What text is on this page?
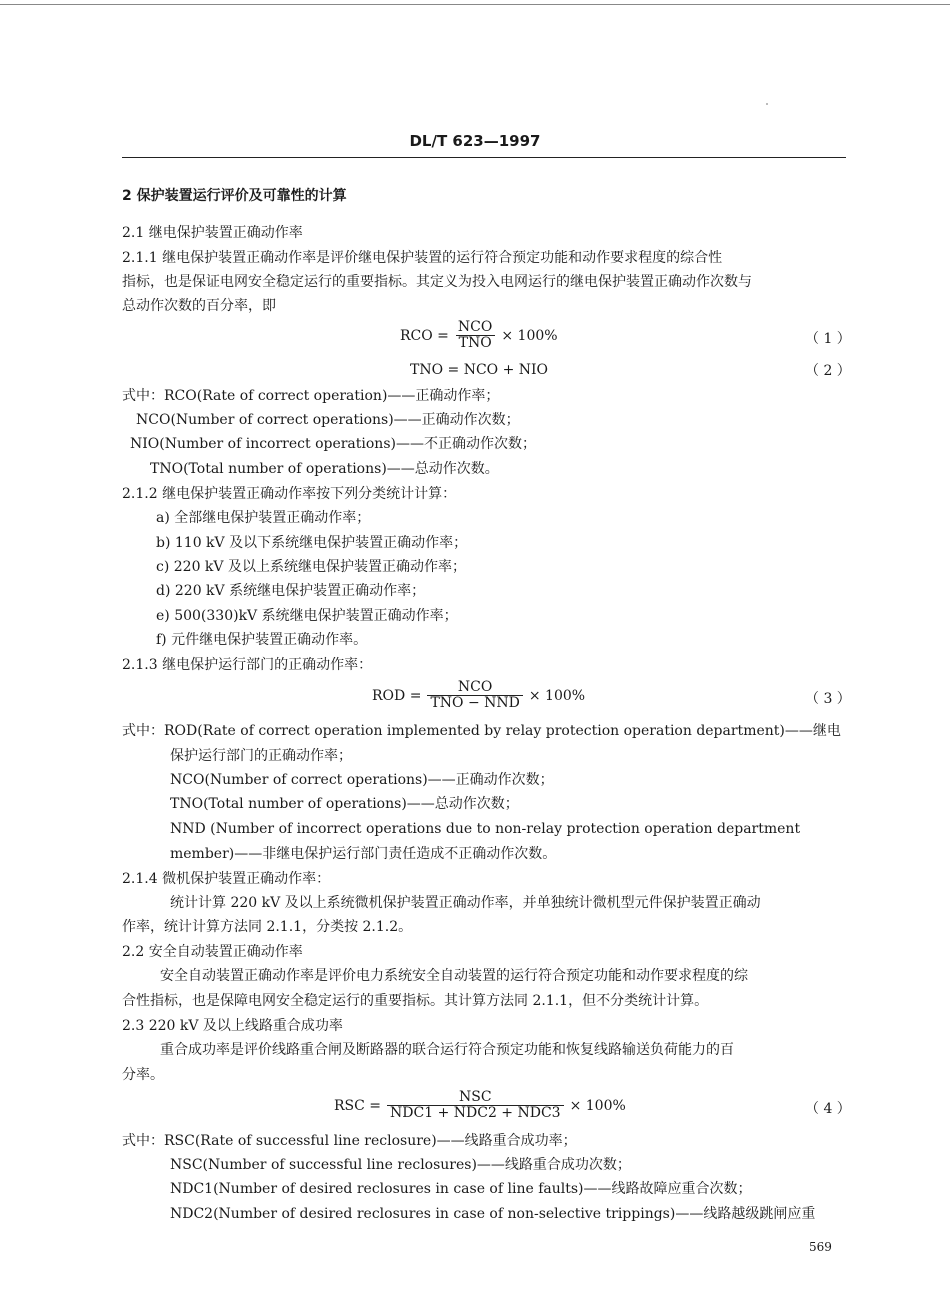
DL/T 623—1997
2 保护装置运行评价及可靠性的计算
2.1 继电保护装置正确动作率
2.1.1 继电保护装置正确动作率是评价继电保护装置的运行符合预定功能和动作要求程度的综合性
指标，也是保证电网安全稳定运行的重要指标。其定义为投入电网运行的继电保护装置正确动作次数与
总动作次数的百分率，即
RCO = $\frac{\text{NCO}}{\text{TNO}} \times 100\%$	（ 1 ）
TNO = NCO + NIO	（ 2 ）
式中：RCO(Rate of correct operation)——正确动作率；
NCO(Number of correct operations)——正确动作次数；
NIO(Number of incorrect operations)——不正确动作次数；
TNO(Total number of operations)——总动作次数。
2.1.2 继电保护装置正确动作率按下列分类统计计算：
a) 全部继电保护装置正确动作率；
b) 110 kV 及以下系统继电保护装置正确动作率；
c) 220 kV 及以上系统继电保护装置正确动作率；
d) 220 kV 系统继电保护装置正确动作率；
e) 500(330)kV 系统继电保护装置正确动作率；
f) 元件继电保护装置正确动作率。
2.1.3 继电保护运行部门的正确动作率：
ROD = $\frac{\text{NCO}}{\text{TNO − NND}} \times 100\%$	（ 3 ）
式中：ROD(Rate of correct operation implemented by relay protection operation department)——继电
保护运行部门的正确动作率；
NCO(Number of correct operations)——正确动作次数；
TNO(Total number of operations)——总动作次数；
NND (Number of incorrect operations due to non-relay protection operation department
member)——非继电保护运行部门责任造成不正确动作次数。
2.1.4 微机保护装置正确动作率：
统计计算 220 kV 及以上系统微机保护装置正确动作率，并单独统计微机型元件保护装置正确动
作率，统计计算方法同 2.1.1，分类按 2.1.2。
2.2 安全自动装置正确动作率
安全自动装置正确动作率是评价电力系统安全自动装置的运行符合预定功能和动作要求程度的综
合性指标，也是保障电网安全稳定运行的重要指标。其计算方法同 2.1.1，但不分类统计计算。
2.3 220 kV 及以上线路重合成功率
重合成功率是评价线路重合闸及断路器的联合运行符合预定功能和恢复线路输送负荷能力的百
分率。
RSC = $\frac{\text{NSC}}{\text{NDC1 + NDC2 + NDC3}} \times 100\%$	（ 4 ）
式中：RSC(Rate of successful line reclosure)——线路重合成功率；
NSC(Number of successful line reclosures)——线路重合成功次数；
NDC1(Number of desired reclosures in case of line faults)——线路故障应重合次数；
NDC2(Number of desired reclosures in case of non-selective trippings)——线路越级跳闸应重
569
